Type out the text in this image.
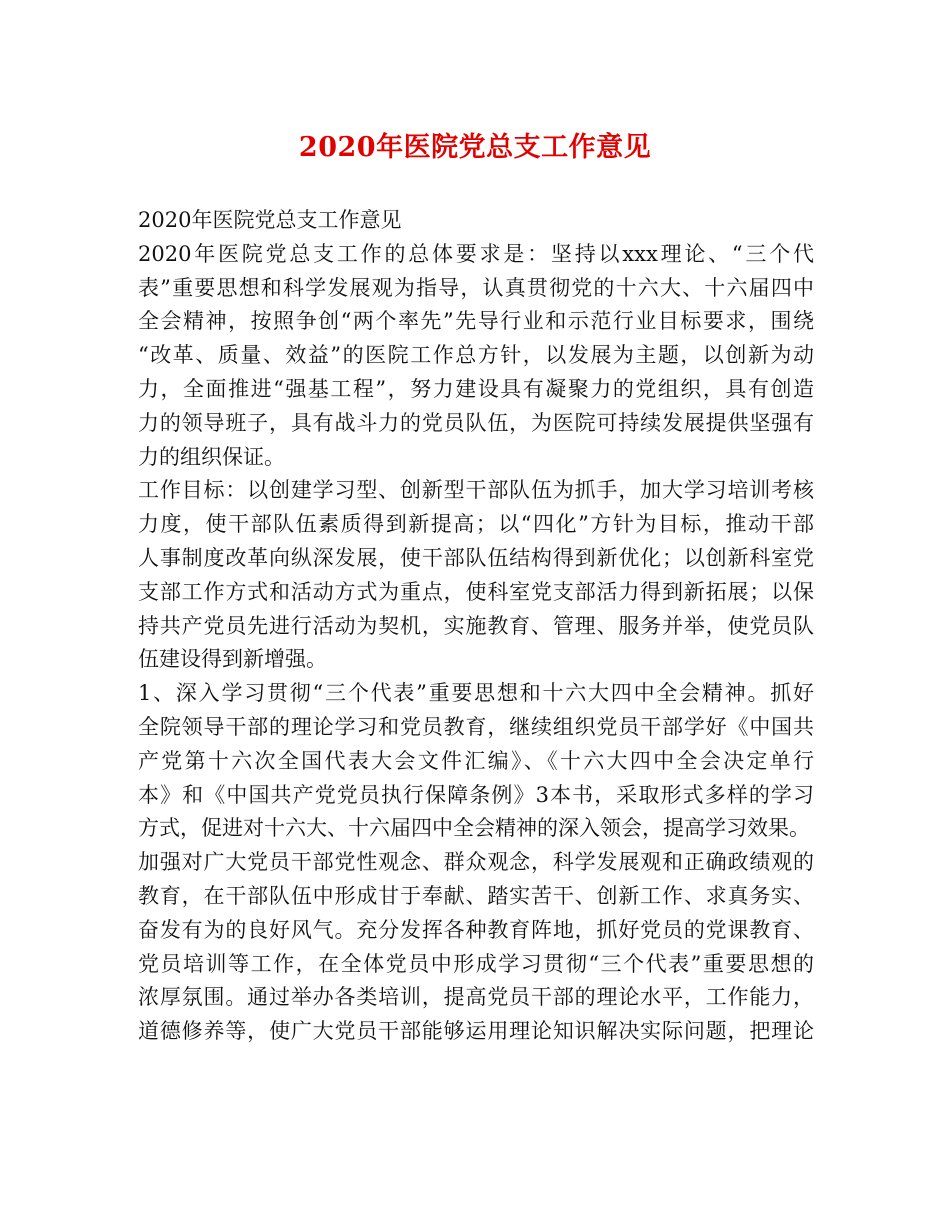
2020年医院党总支工作意见
2020年医院党总支工作意见
2020年医院党总支工作的总体要求是：坚持以xxx理论、“三个代
表”重要思想和科学发展观为指导，认真贯彻党的十六大、十六届四中
全会精神，按照争创“两个率先”先导行业和示范行业目标要求，围绕
“改革、质量、效益”的医院工作总方针，以发展为主题，以创新为动
力，全面推进“强基工程”，努力建设具有凝聚力的党组织，具有创造
力的领导班子，具有战斗力的党员队伍，为医院可持续发展提供坚强有
力的组织保证。
工作目标：以创建学习型、创新型干部队伍为抓手，加大学习培训考核
力度，使干部队伍素质得到新提高；以“四化”方针为目标，推动干部
人事制度改革向纵深发展，使干部队伍结构得到新优化；以创新科室党
支部工作方式和活动方式为重点，使科室党支部活力得到新拓展；以保
持共产党员先进行活动为契机，实施教育、管理、服务并举，使党员队
伍建设得到新增强。
1、深入学习贯彻“三个代表”重要思想和十六大四中全会精神。抓好
全院领导干部的理论学习和党员教育，继续组织党员干部学好《中国共
产党第十六次全国代表大会文件汇编》、《十六大四中全会决定单行
本》和《中国共产党党员执行保障条例》3本书，采取形式多样的学习
方式，促进对十六大、十六届四中全会精神的深入领会，提高学习效果。
加强对广大党员干部党性观念、群众观念，科学发展观和正确政绩观的
教育，在干部队伍中形成甘于奉献、踏实苦干、创新工作、求真务实、
奋发有为的良好风气。充分发挥各种教育阵地，抓好党员的党课教育、
党员培训等工作，在全体党员中形成学习贯彻“三个代表”重要思想的
浓厚氛围。通过举办各类培训，提高党员干部的理论水平，工作能力，
道德修养等，使广大党员干部能够运用理论知识解决实际问题，把理论
